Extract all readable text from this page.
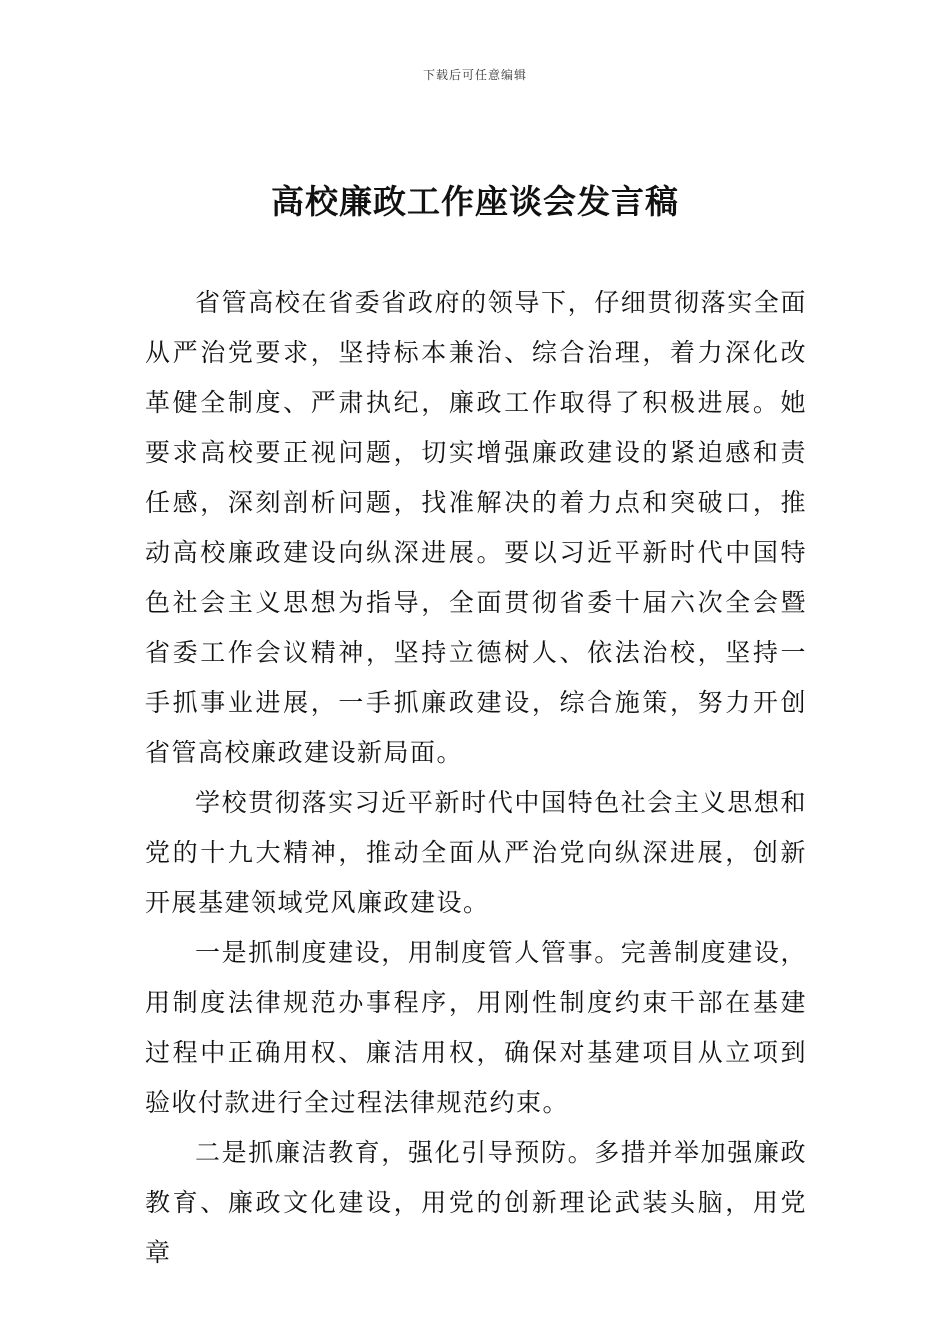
下载后可任意编辑
高校廉政工作座谈会发言稿

省管高校在省委省政府的领导下，仔细贯彻落实全面从严治党要求，坚持标本兼治、综合治理，着力深化改革健全制度、严肃执纪，廉政工作取得了积极进展。她要求高校要正视问题，切实增强廉政建设的紧迫感和责任感，深刻剖析问题，找准解决的着力点和突破口，推动高校廉政建设向纵深进展。要以习近平新时代中国特色社会主义思想为指导，全面贯彻省委十届六次全会暨省委工作会议精神，坚持立德树人、依法治校，坚持一手抓事业进展，一手抓廉政建设，综合施策，努力开创省管高校廉政建设新局面。

学校贯彻落实习近平新时代中国特色社会主义思想和党的十九大精神，推动全面从严治党向纵深进展，创新开展基建领域党风廉政建设。

一是抓制度建设，用制度管人管事。完善制度建设，用制度法律规范办事程序，用刚性制度约束干部在基建过程中正确用权、廉洁用权，确保对基建项目从立项到验收付款进行全过程法律规范约束。

二是抓廉洁教育，强化引导预防。多措并举加强廉政教育、廉政文化建设，用党的创新理论武装头脑，用党章
